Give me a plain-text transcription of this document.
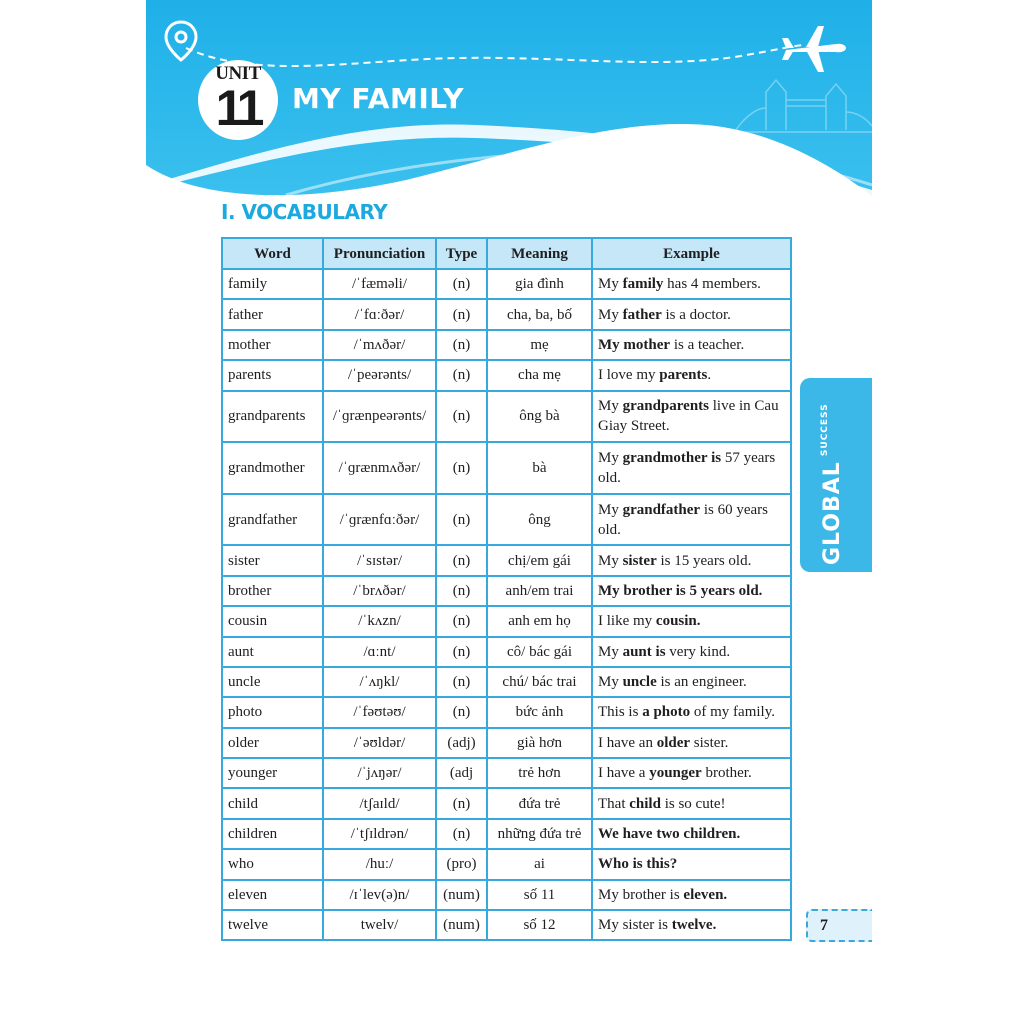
UNIT
11	MY FAMILY
I. VOCABULARY
Word	Pronunciation	Type	Meaning	Example
family	/ˈfæməli/	(n)	gia đình	My family has 4 members.
father	/ˈfɑːðər/	(n)	cha, ba, bố	My father is a doctor.
mother	/ˈmʌðər/	(n)	mẹ	My mother is a teacher.
parents	/ˈpeərənts/	(n)	cha mẹ	I love my parents.
grandparents	/ˈɡrænpeərənts/	(n)	ông bà	My grandparents live in Cau Giay Street.
grandmother	/ˈɡrænmʌðər/	(n)	bà	My grandmother is 57 years old.
grandfather	/ˈɡrænfɑːðər/	(n)	ông	My grandfather is 60 years old.
sister	/ˈsɪstər/	(n)	chị/em gái	My sister is 15 years old.
brother	/ˈbrʌðər/	(n)	anh/em trai	My brother is 5 years old.
cousin	/ˈkʌzn/	(n)	anh em họ	I like my cousin.
aunt	/ɑːnt/	(n)	cô/ bác gái	My aunt is very kind.
uncle	/ˈʌŋkl/	(n)	chú/ bác trai	My uncle is an engineer.
photo	/ˈfəʊtəʊ/	(n)	bức ảnh	This is a photo of my family.
older	/ˈəʊldər/	(adj)	già hơn	I have an older sister.
younger	/ˈjʌŋər/	(adj	trẻ hơn	I have a younger brother.
child	/tʃaɪld/	(n)	đứa trẻ	That child is so cute!
children	/ˈtʃɪldrən/	(n)	những đứa trẻ	We have two children.
who	/huː/	(pro)	ai	Who is this?
eleven	/ɪˈlev(ə)n/	(num)	số 11	My brother is eleven.
twelve	twelv/	(num)	số 12	My sister is twelve.
GLOBAL $^{SUCCESS}$
7
